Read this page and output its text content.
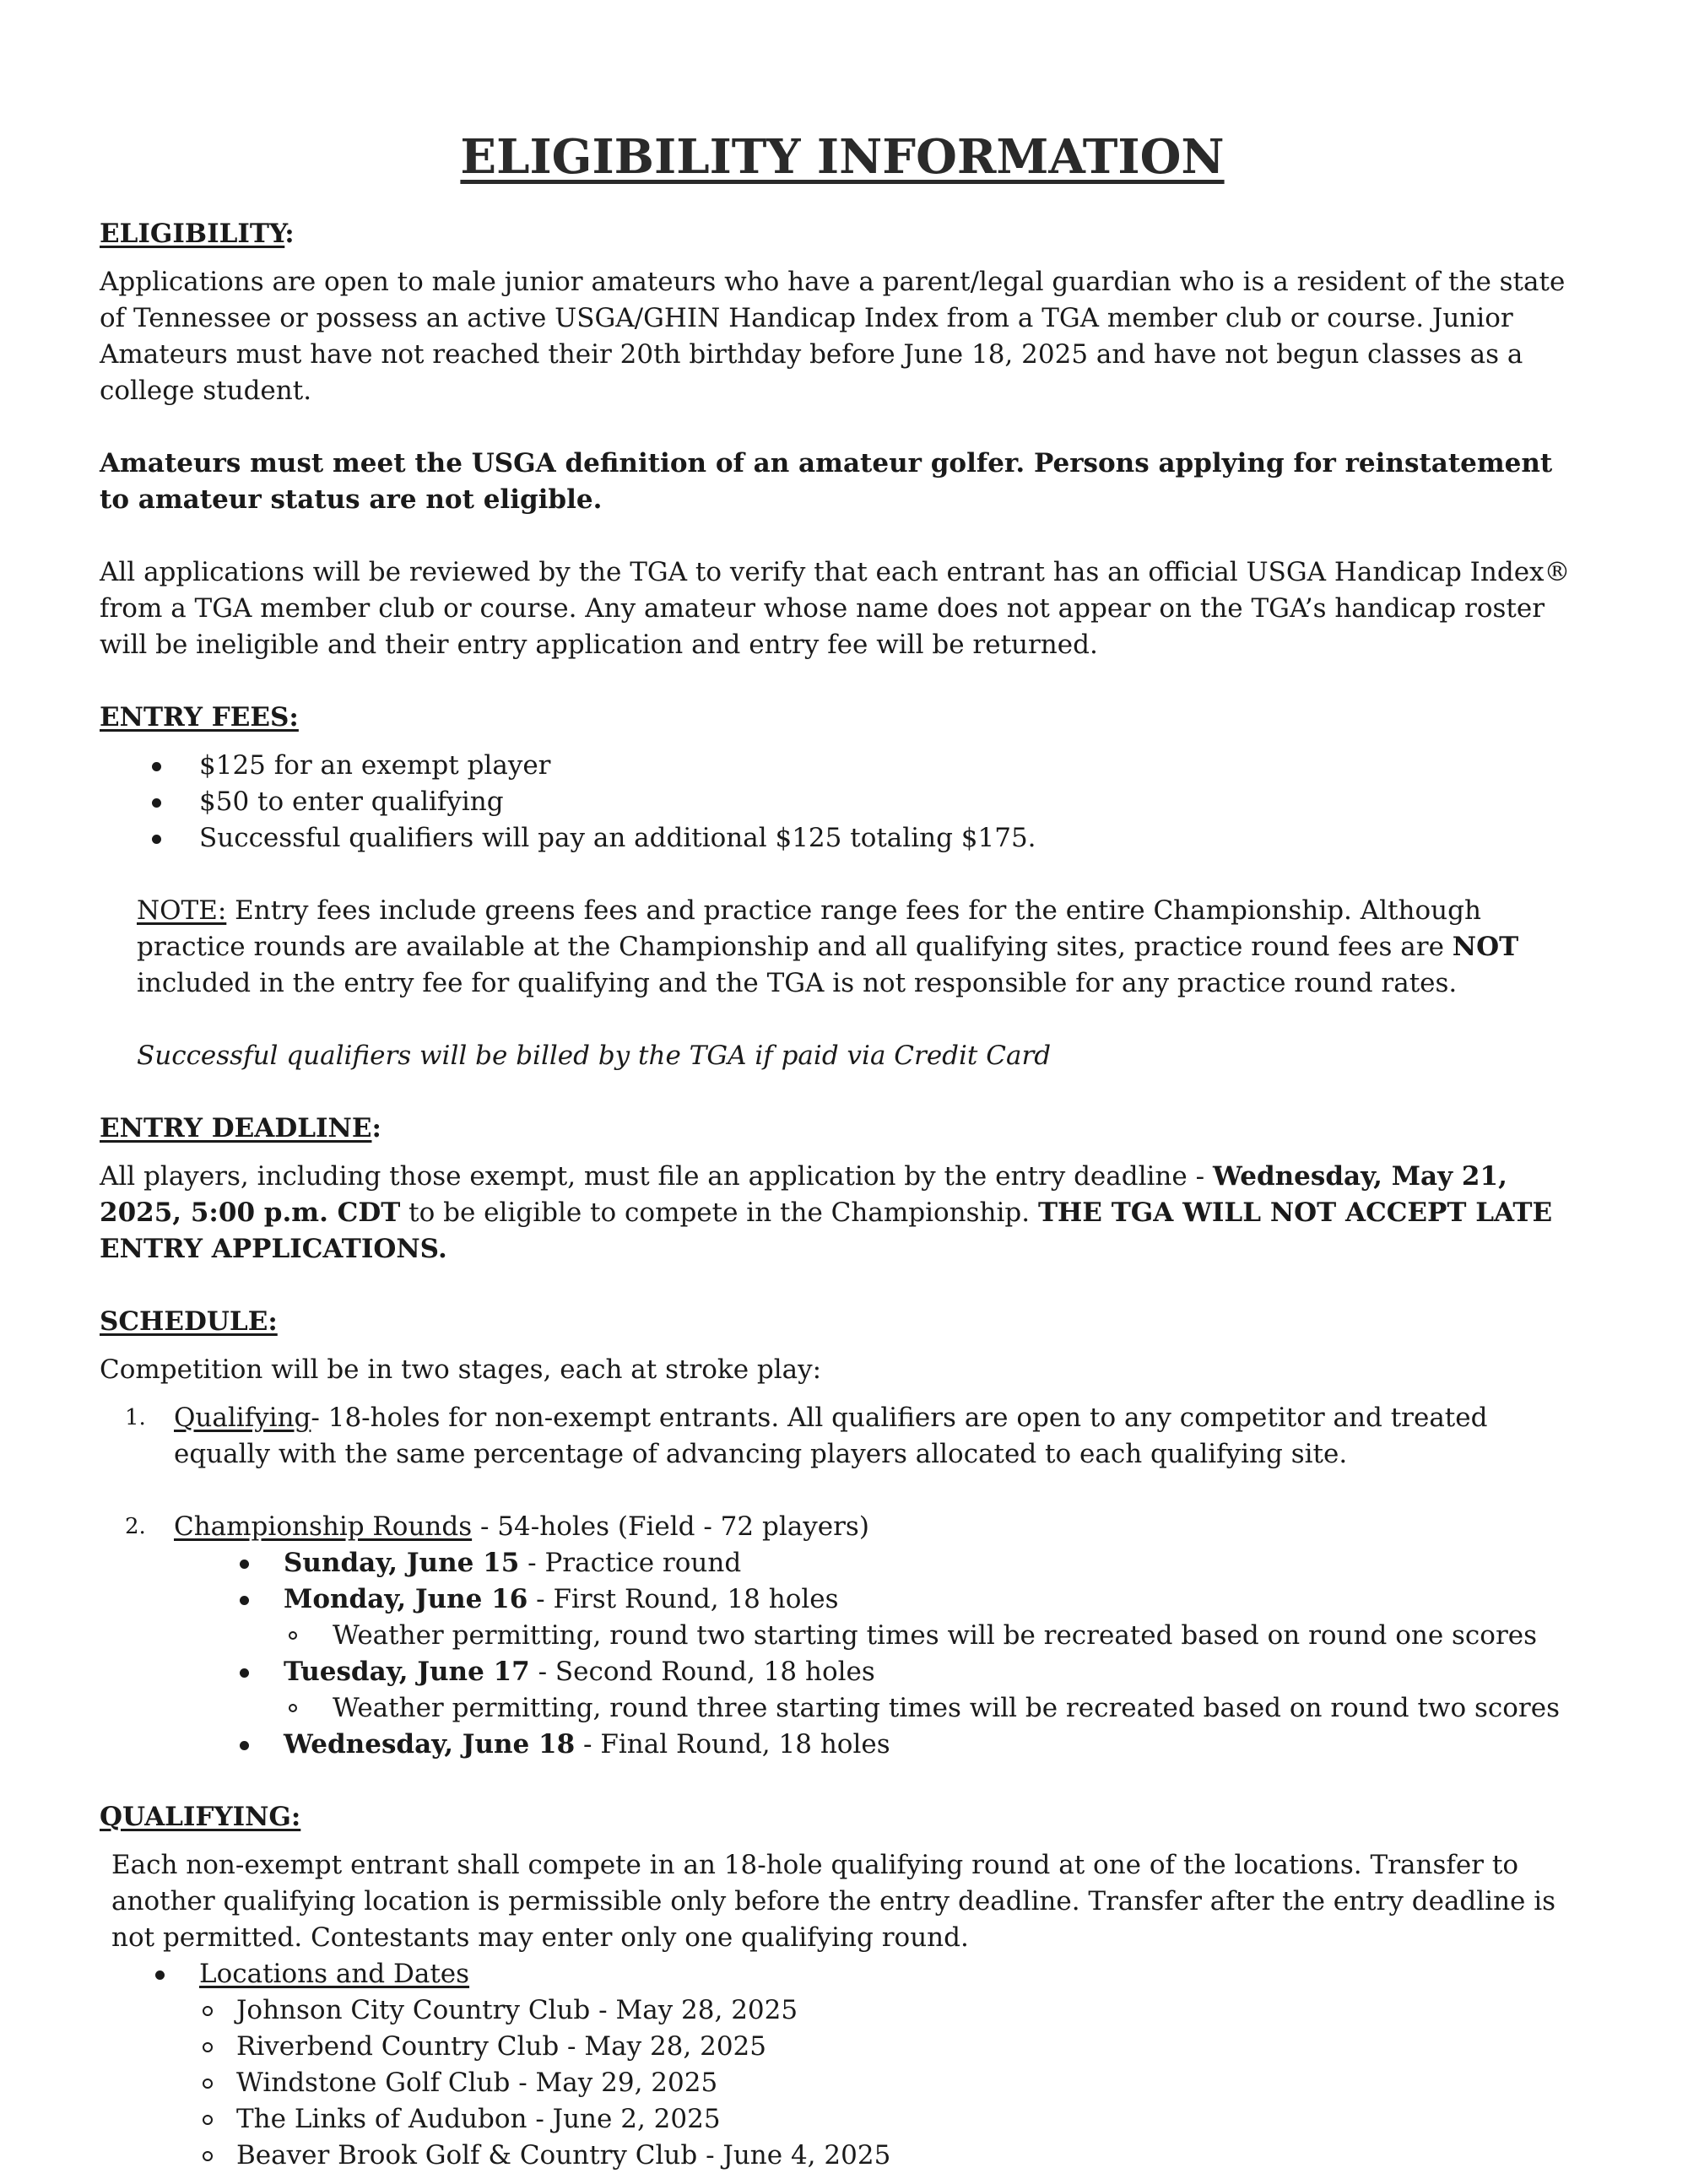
ELIGIBILITY INFORMATION

ELIGIBILITY:

Applications are open to male junior amateurs who have a parent/legal guardian who is a resident of the state of Tennessee or possess an active USGA/GHIN Handicap Index from a TGA member club or course. Junior Amateurs must have not reached their 20th birthday before June 18, 2025 and have not begun classes as a college student.

Amateurs must meet the USGA definition of an amateur golfer. Persons applying for reinstatement to amateur status are not eligible.

All applications will be reviewed by the TGA to verify that each entrant has an official USGA Handicap Index® from a TGA member club or course. Any amateur whose name does not appear on the TGA’s handicap roster will be ineligible and their entry application and entry fee will be returned.

ENTRY FEES:

$125 for an exempt player
$50 to enter qualifying
Successful qualifiers will pay an additional $125 totaling $175.

NOTE: Entry fees include greens fees and practice range fees for the entire Championship. Although practice rounds are available at the Championship and all qualifying sites, practice round fees are NOT included in the entry fee for qualifying and the TGA is not responsible for any practice round rates.

Successful qualifiers will be billed by the TGA if paid via Credit Card

ENTRY DEADLINE:

All players, including those exempt, must file an application by the entry deadline - Wednesday, May 21, 2025, 5:00 p.m. CDT to be eligible to compete in the Championship. THE TGA WILL NOT ACCEPT LATE ENTRY APPLICATIONS.

SCHEDULE:

Competition will be in two stages, each at stroke play:

1. Qualifying- 18-holes for non-exempt entrants. All qualifiers are open to any competitor and treated equally with the same percentage of advancing players allocated to each qualifying site.
2. Championship Rounds - 54-holes (Field - 72 players)
Sunday, June 15 - Practice round
Monday, June 16 - First Round, 18 holes
Weather permitting, round two starting times will be recreated based on round one scores
Tuesday, June 17 - Second Round, 18 holes
Weather permitting, round three starting times will be recreated based on round two scores
Wednesday, June 18 - Final Round, 18 holes

QUALIFYING:

Each non-exempt entrant shall compete in an 18-hole qualifying round at one of the locations. Transfer to another qualifying location is permissible only before the entry deadline. Transfer after the entry deadline is not permitted. Contestants may enter only one qualifying round.

Locations and Dates
Johnson City Country Club - May 28, 2025
Riverbend Country Club - May 28, 2025
Windstone Golf Club - May 29, 2025
The Links of Audubon - June 2, 2025
Beaver Brook Golf & Country Club - June 4, 2025
